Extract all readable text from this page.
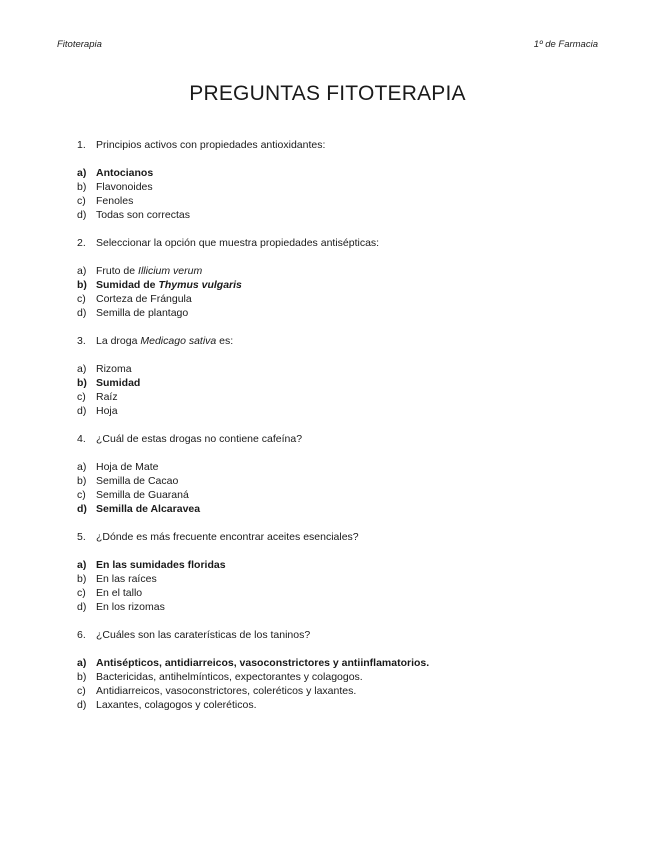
Fitoterapia	1º de Farmacia
PREGUNTAS FITOTERAPIA
1. Principios activos con propiedades antioxidantes:
a) Antocianos
b) Flavonoides
c) Fenoles
d) Todas son correctas
2. Seleccionar la opción que muestra propiedades antisépticas:
a) Fruto de Illicium verum
b) Sumidad de Thymus vulgaris
c) Corteza de Frángula
d) Semilla de plantago
3. La droga Medicago sativa es:
a) Rizoma
b) Sumidad
c) Raíz
d) Hoja
4. ¿Cuál de estas drogas no contiene cafeína?
a) Hoja de Mate
b) Semilla de Cacao
c) Semilla de Guaraná
d) Semilla de Alcaravea
5. ¿Dónde es más frecuente encontrar aceites esenciales?
a) En las sumidades floridas
b) En las raíces
c) En el tallo
d) En los rizomas
6. ¿Cuáles son las caraterísticas de los taninos?
a) Antisépticos, antidiarreicos, vasoconstrictores y antiinflamatorios.
b) Bactericidas, antihelmínticos, expectorantes y colagogos.
c) Antidiarreicos, vasoconstrictores, coleréticos y laxantes.
d) Laxantes, colagogos y coleréticos.
